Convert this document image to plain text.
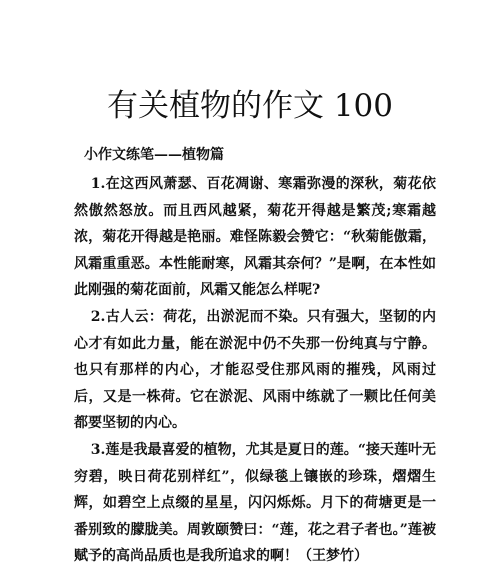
有关植物的作文 100

小作文练笔——植物篇

1.在这西风萧瑟、百花凋谢、寒霜弥漫的深秋，菊花依然傲然怒放。而且西风越紧，菊花开得越是繁茂;寒霜越浓，菊花开得越是艳丽。难怪陈毅会赞它：“秋菊能傲霜，风霜重重恶。本性能耐寒，风霜其奈何？”是啊，在本性如此刚强的菊花面前，风霜又能怎么样呢?

2.古人云：荷花，出淤泥而不染。只有强大，坚韧的内心才有如此力量，能在淤泥中仍不失那一份纯真与宁静。也只有那样的内心，才能忍受住那风雨的摧残，风雨过后，又是一株荷。它在淤泥、风雨中练就了一颗比任何美都要坚韧的内心。

3.莲是我最喜爱的植物，尤其是夏日的莲。“接天莲叶无穷碧，映日荷花别样红”，似绿毯上镶嵌的珍珠，熠熠生辉，如碧空上点缀的星星，闪闪烁烁。月下的荷塘更是一番别致的朦胧美。周敦颐赞曰：“莲，花之君子者也。”莲被赋予的高尚品质也是我所追求的啊！（王梦竹）
